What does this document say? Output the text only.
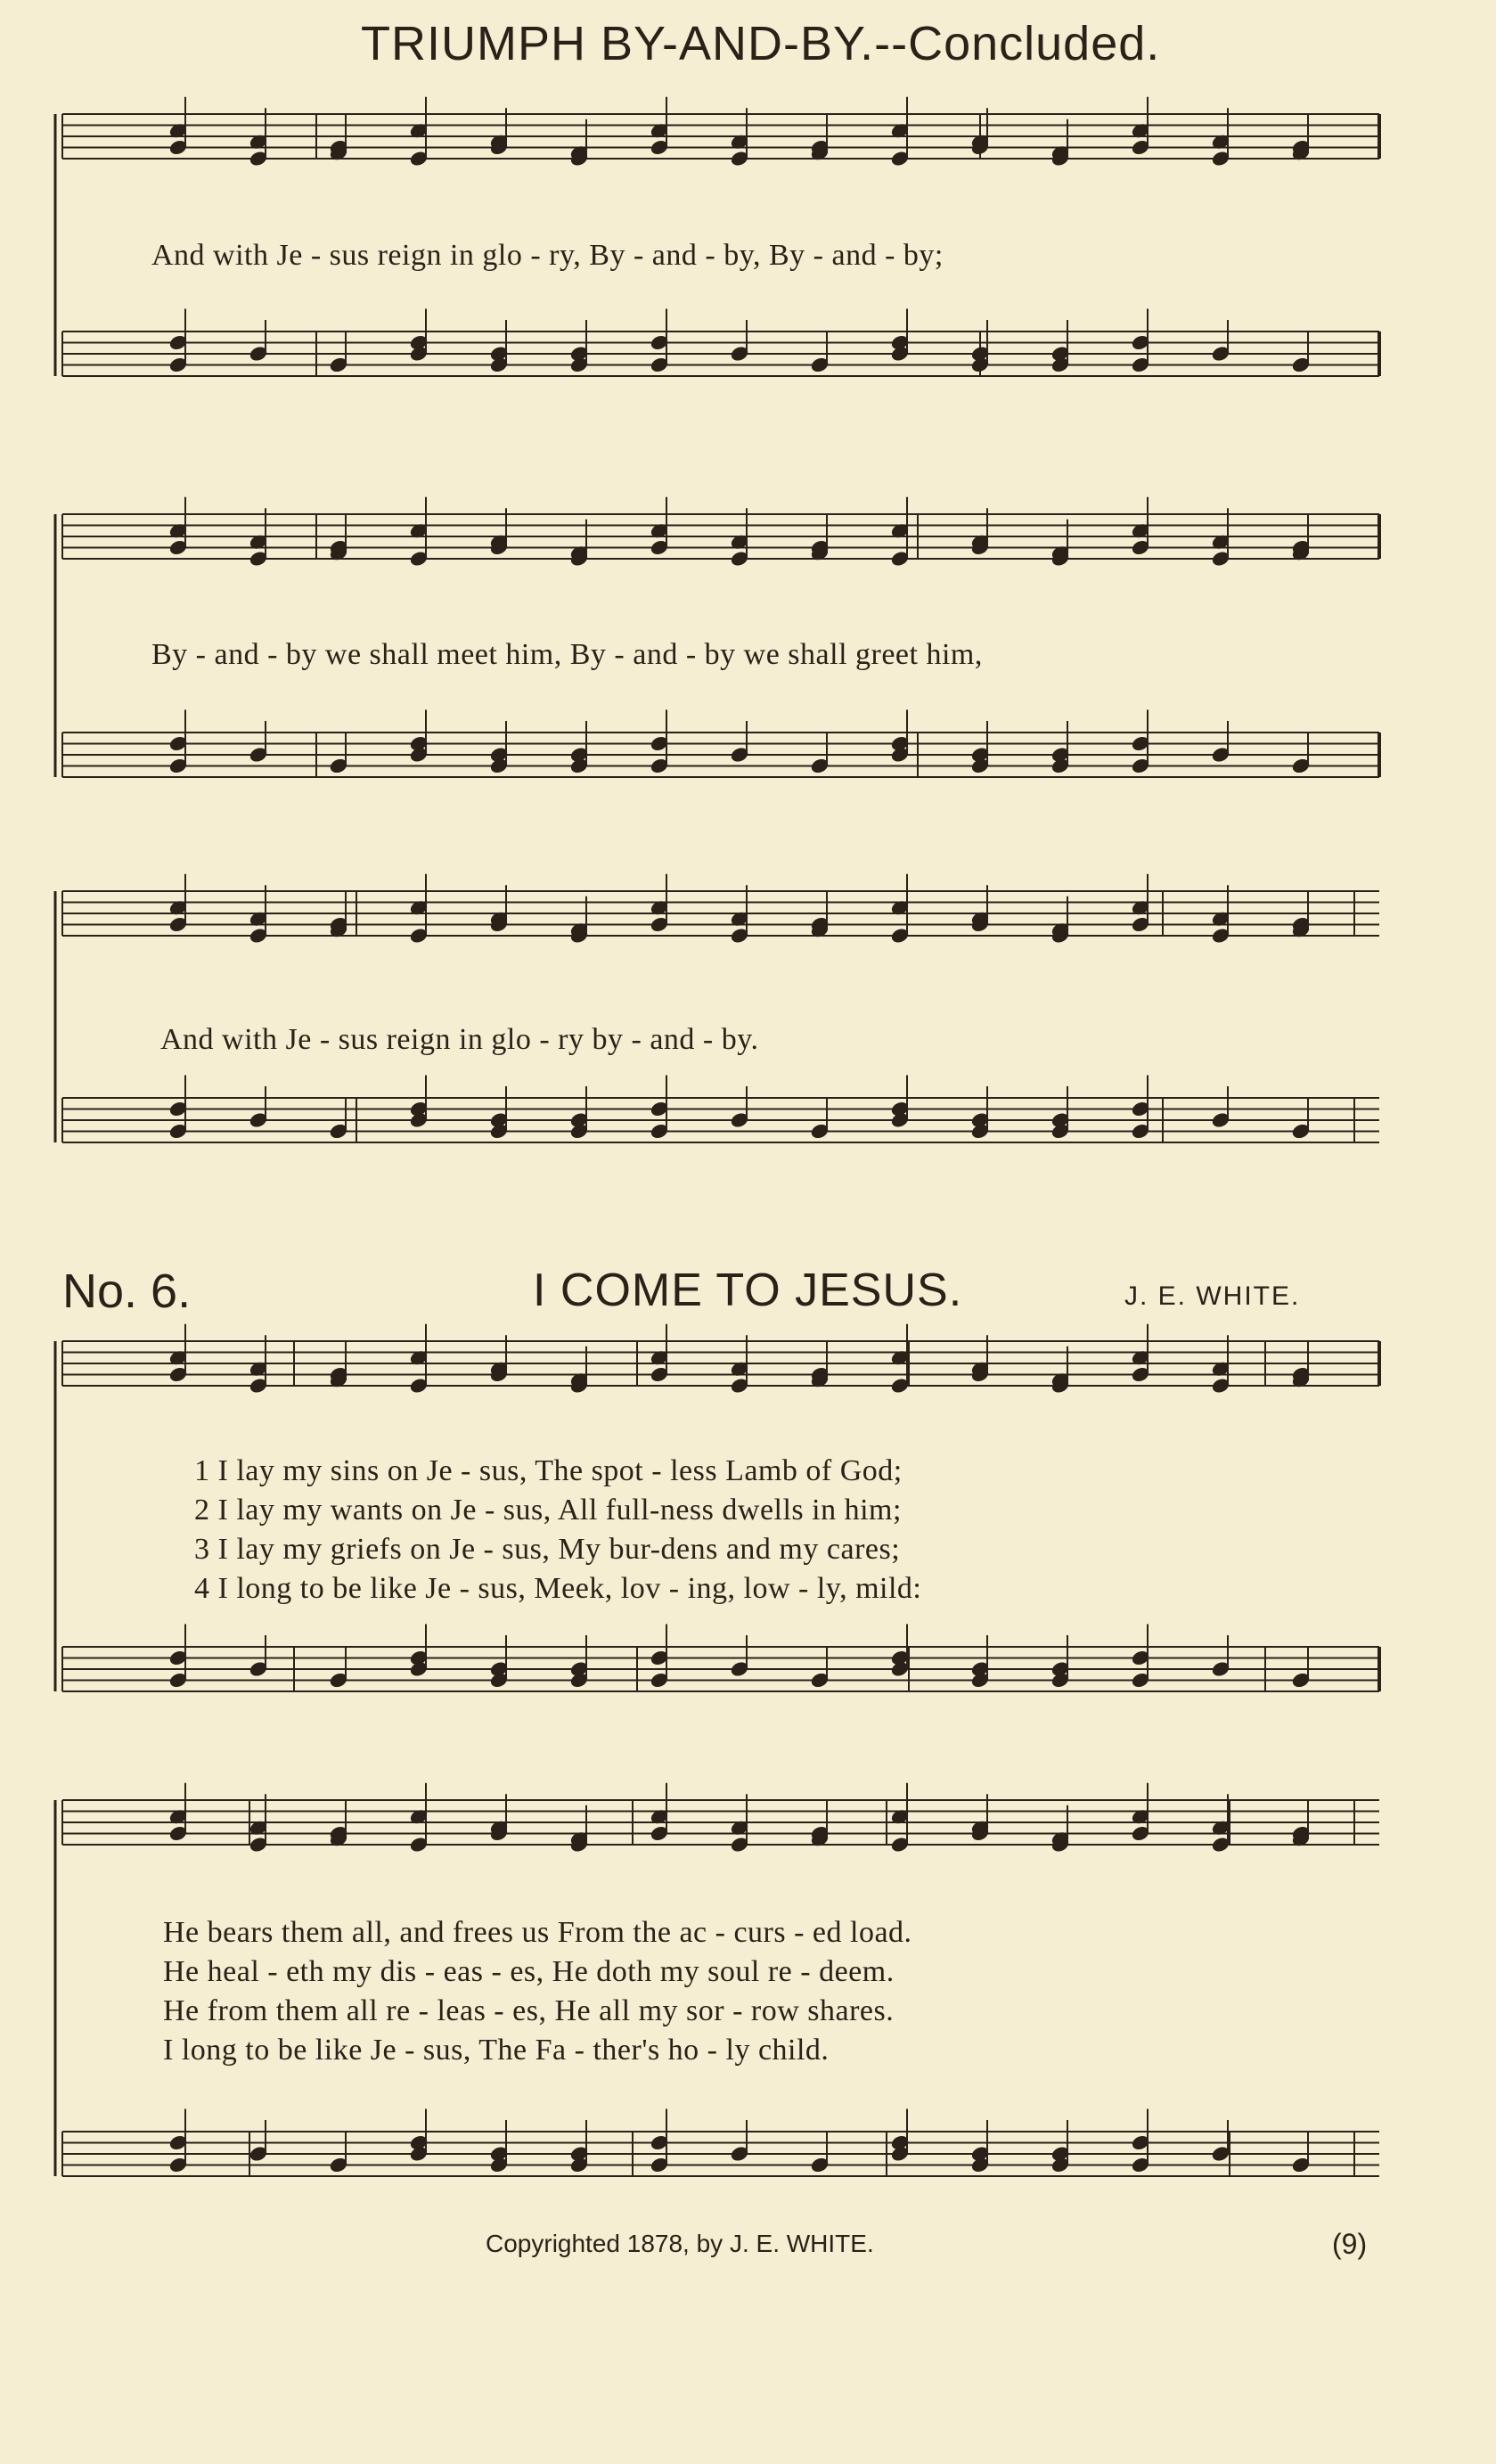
TRIUMPH BY-AND-BY.--Concluded.
And with Je - sus reign in glo - ry, By - and - by, By - and - by;
By - and - by we shall meet him, By - and - by we shall greet him,
And with Je - sus reign in glo - ry by - and - by.
No. 6.	I COME TO JESUS.	J. E. WHITE.
1 I lay my sins on Je - sus, The spot - less Lamb of God;
2 I lay my wants on Je - sus, All full-ness dwells in him;
3 I lay my griefs on Je - sus, My bur-dens and my cares;
4 I long to be like Je - sus, Meek, lov - ing, low - ly, mild:
He bears them all, and frees us From the ac - curs - ed load.
He heal - eth my dis - eas - es, He doth my soul re - deem.
He from them all re - leas - es, He all my sor - row shares.
I long to be like Je - sus, The Fa - ther's ho - ly child.
Copyrighted 1878, by J. E. WHITE.	(9)
